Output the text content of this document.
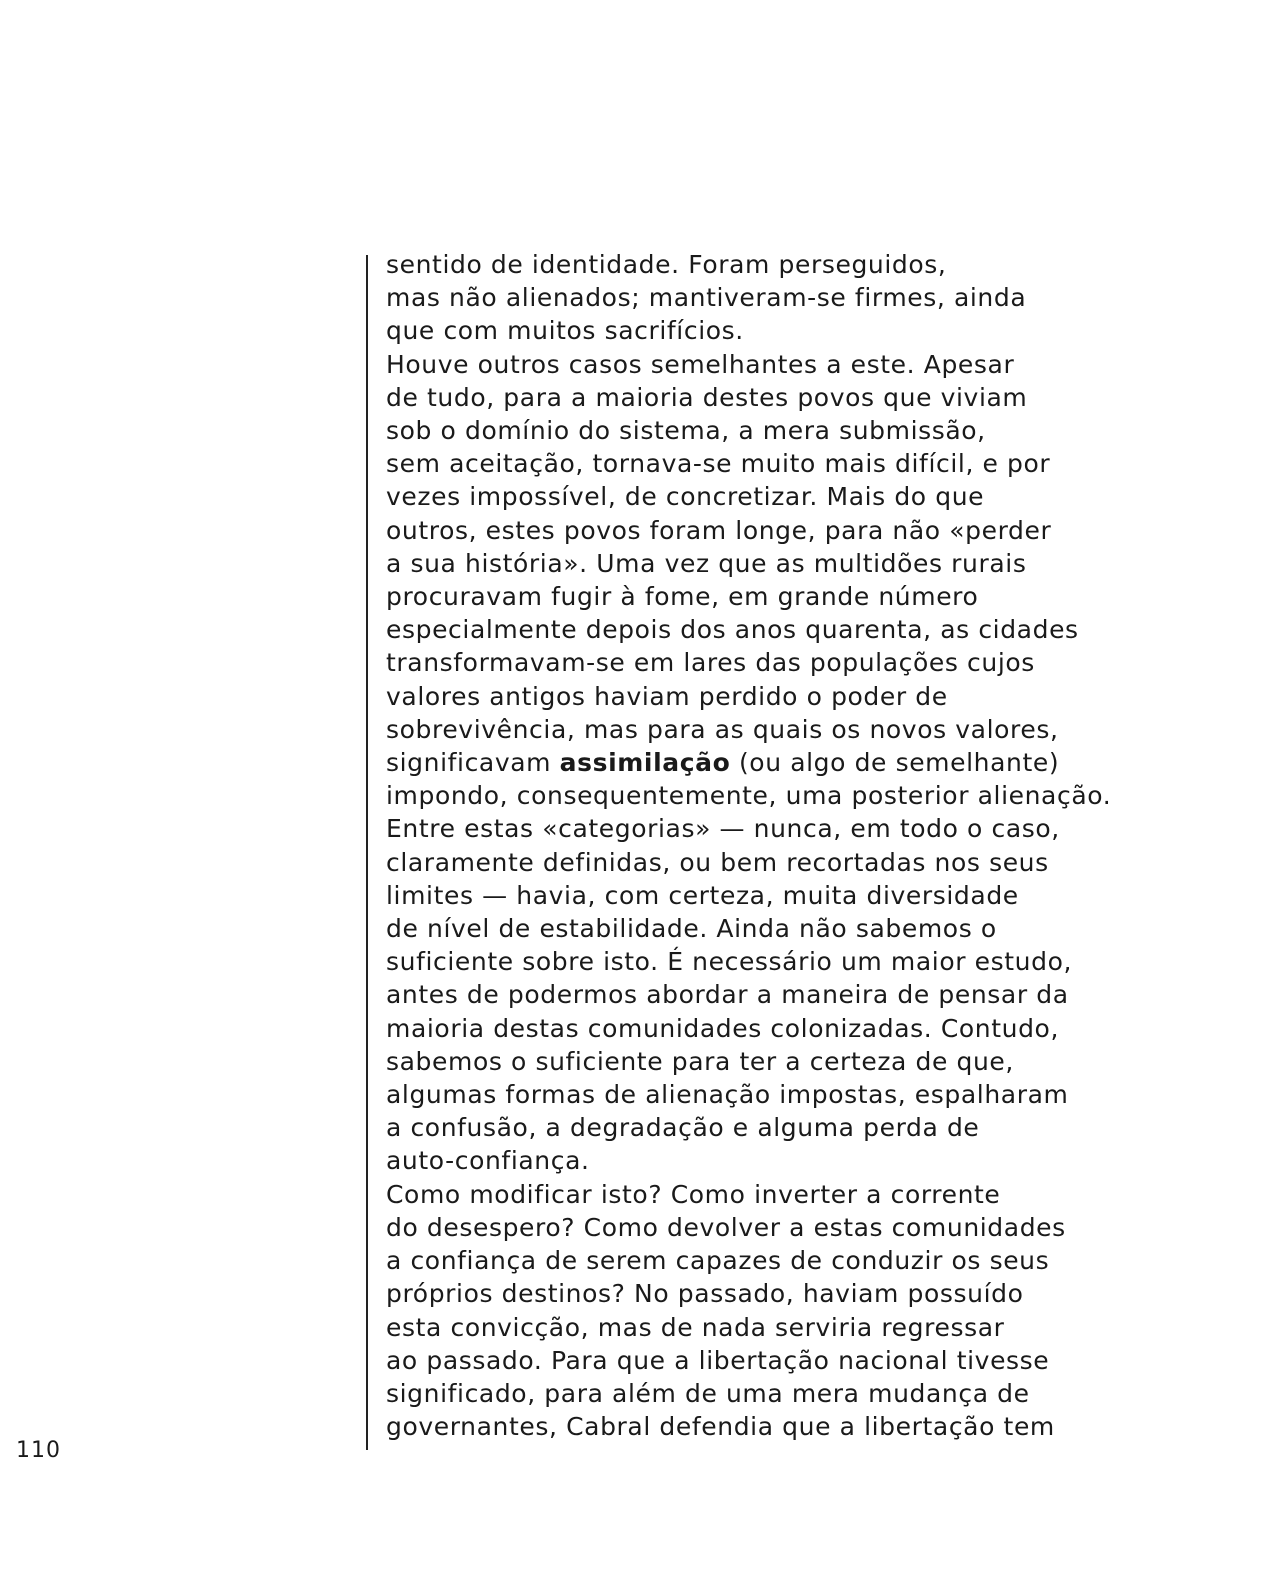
sentido de identidade. Foram perseguidos,
mas não alienados; mantiveram-se firmes, ainda
que com muitos sacrifícios.
Houve outros casos semelhantes a este. Apesar
de tudo, para a maioria destes povos que viviam
sob o domínio do sistema, a mera submissão,
sem aceitação, tornava-se muito mais difícil, e por
vezes impossível, de concretizar. Mais do que
outros, estes povos foram longe, para não «perder
a sua história». Uma vez que as multidões rurais
procuravam fugir à fome, em grande número
especialmente depois dos anos quarenta, as cidades
transformavam-se em lares das populações cujos
valores antigos haviam perdido o poder de
sobrevivência, mas para as quais os novos valores,
significavam assimilação (ou algo de semelhante)
impondo, consequentemente, uma posterior alienação.
Entre estas «categorias» — nunca, em todo o caso,
claramente definidas, ou bem recortadas nos seus
limites — havia, com certeza, muita diversidade
de nível de estabilidade. Ainda não sabemos o
suficiente sobre isto. É necessário um maior estudo,
antes de podermos abordar a maneira de pensar da
maioria destas comunidades colonizadas. Contudo,
sabemos o suficiente para ter a certeza de que,
algumas formas de alienação impostas, espalharam
a confusão, a degradação e alguma perda de
auto-confiança.
Como modificar isto? Como inverter a corrente
do desespero? Como devolver a estas comunidades
a confiança de serem capazes de conduzir os seus
próprios destinos? No passado, haviam possuído
esta convicção, mas de nada serviria regressar
ao passado. Para que a libertação nacional tivesse
significado, para além de uma mera mudança de
governantes, Cabral defendia que a libertação tem
110
